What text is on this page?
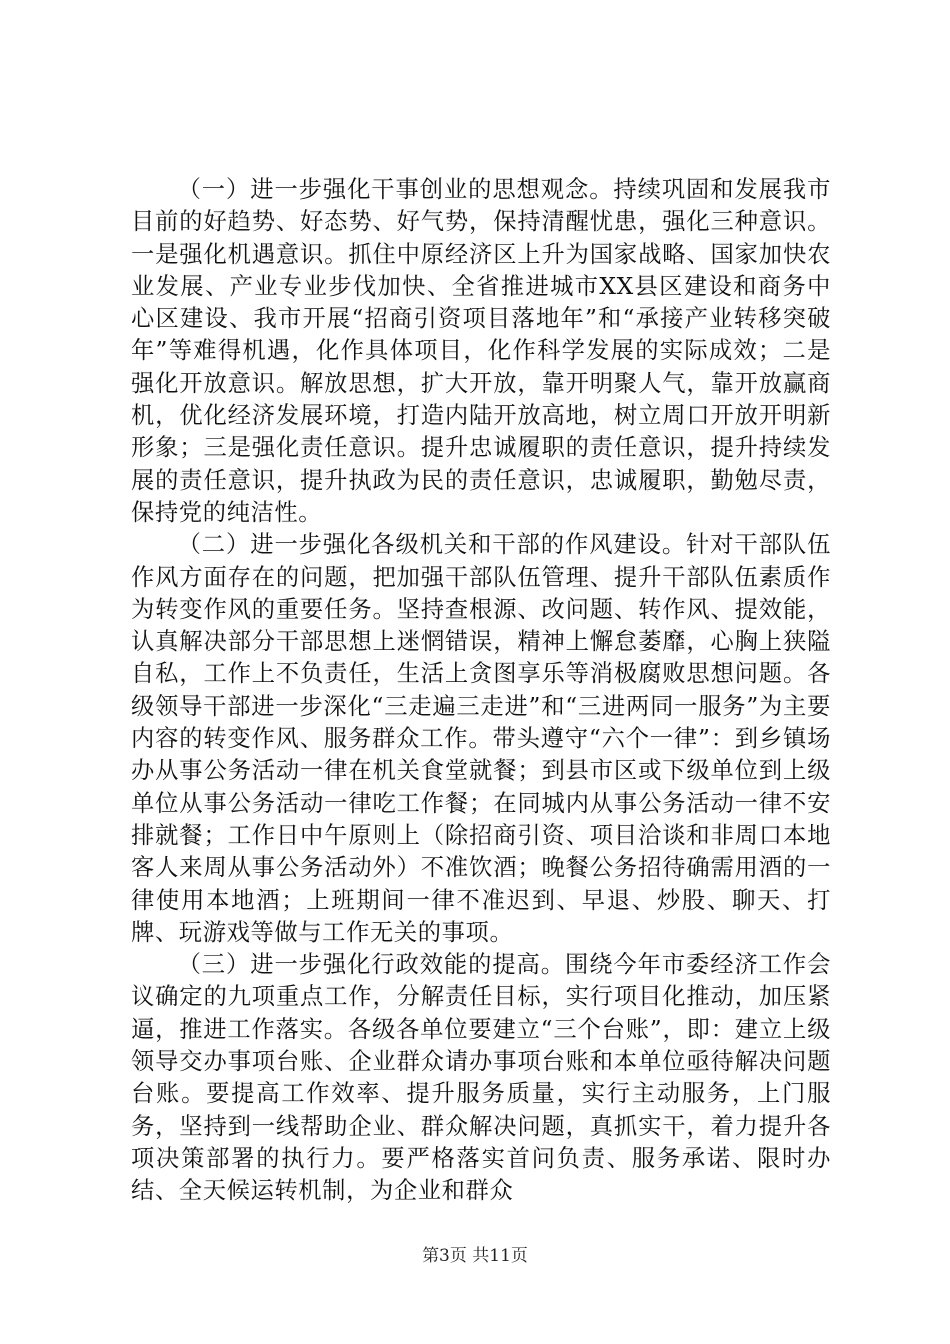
（一）进一步强化干事创业的思想观念。持续巩固和发展我市目前的好趋势、好态势、好气势，保持清醒忧患，强化三种意识。一是强化机遇意识。抓住中原经济区上升为国家战略、国家加快农业发展、产业专业步伐加快、全省推进城市XX县区建设和商务中心区建设、我市开展“招商引资项目落地年”和“承接产业转移突破年”等难得机遇，化作具体项目，化作科学发展的实际成效；二是强化开放意识。解放思想，扩大开放，靠开明聚人气，靠开放赢商机，优化经济发展环境，打造内陆开放高地，树立周口开放开明新形象；三是强化责任意识。提升忠诚履职的责任意识，提升持续发展的责任意识，提升执政为民的责任意识，忠诚履职，勤勉尽责，保持党的纯洁性。

（二）进一步强化各级机关和干部的作风建设。针对干部队伍作风方面存在的问题，把加强干部队伍管理、提升干部队伍素质作为转变作风的重要任务。坚持查根源、改问题、转作风、提效能，认真解决部分干部思想上迷惘错误，精神上懈怠萎靡，心胸上狭隘自私，工作上不负责任，生活上贪图享乐等消极腐败思想问题。各级领导干部进一步深化“三走遍三走进”和“三进两同一服务”为主要内容的转变作风、服务群众工作。带头遵守“六个一律”：到乡镇场办从事公务活动一律在机关食堂就餐；到县市区或下级单位到上级单位从事公务活动一律吃工作餐；在同城内从事公务活动一律不安排就餐；工作日中午原则上（除招商引资、项目洽谈和非周口本地客人来周从事公务活动外）不准饮酒；晚餐公务招待确需用酒的一律使用本地酒；上班期间一律不准迟到、早退、炒股、聊天、打牌、玩游戏等做与工作无关的事项。

（三）进一步强化行政效能的提高。围绕今年市委经济工作会议确定的九项重点工作，分解责任目标，实行项目化推动，加压紧逼，推进工作落实。各级各单位要建立“三个台账”，即：建立上级领导交办事项台账、企业群众请办事项台账和本单位亟待解决问题台账。要提高工作效率、提升服务质量，实行主动服务，上门服务，坚持到一线帮助企业、群众解决问题，真抓实干，着力提升各项决策部署的执行力。要严格落实首问负责、服务承诺、限时办结、全天候运转机制，为企业和群众

第3页 共11页
